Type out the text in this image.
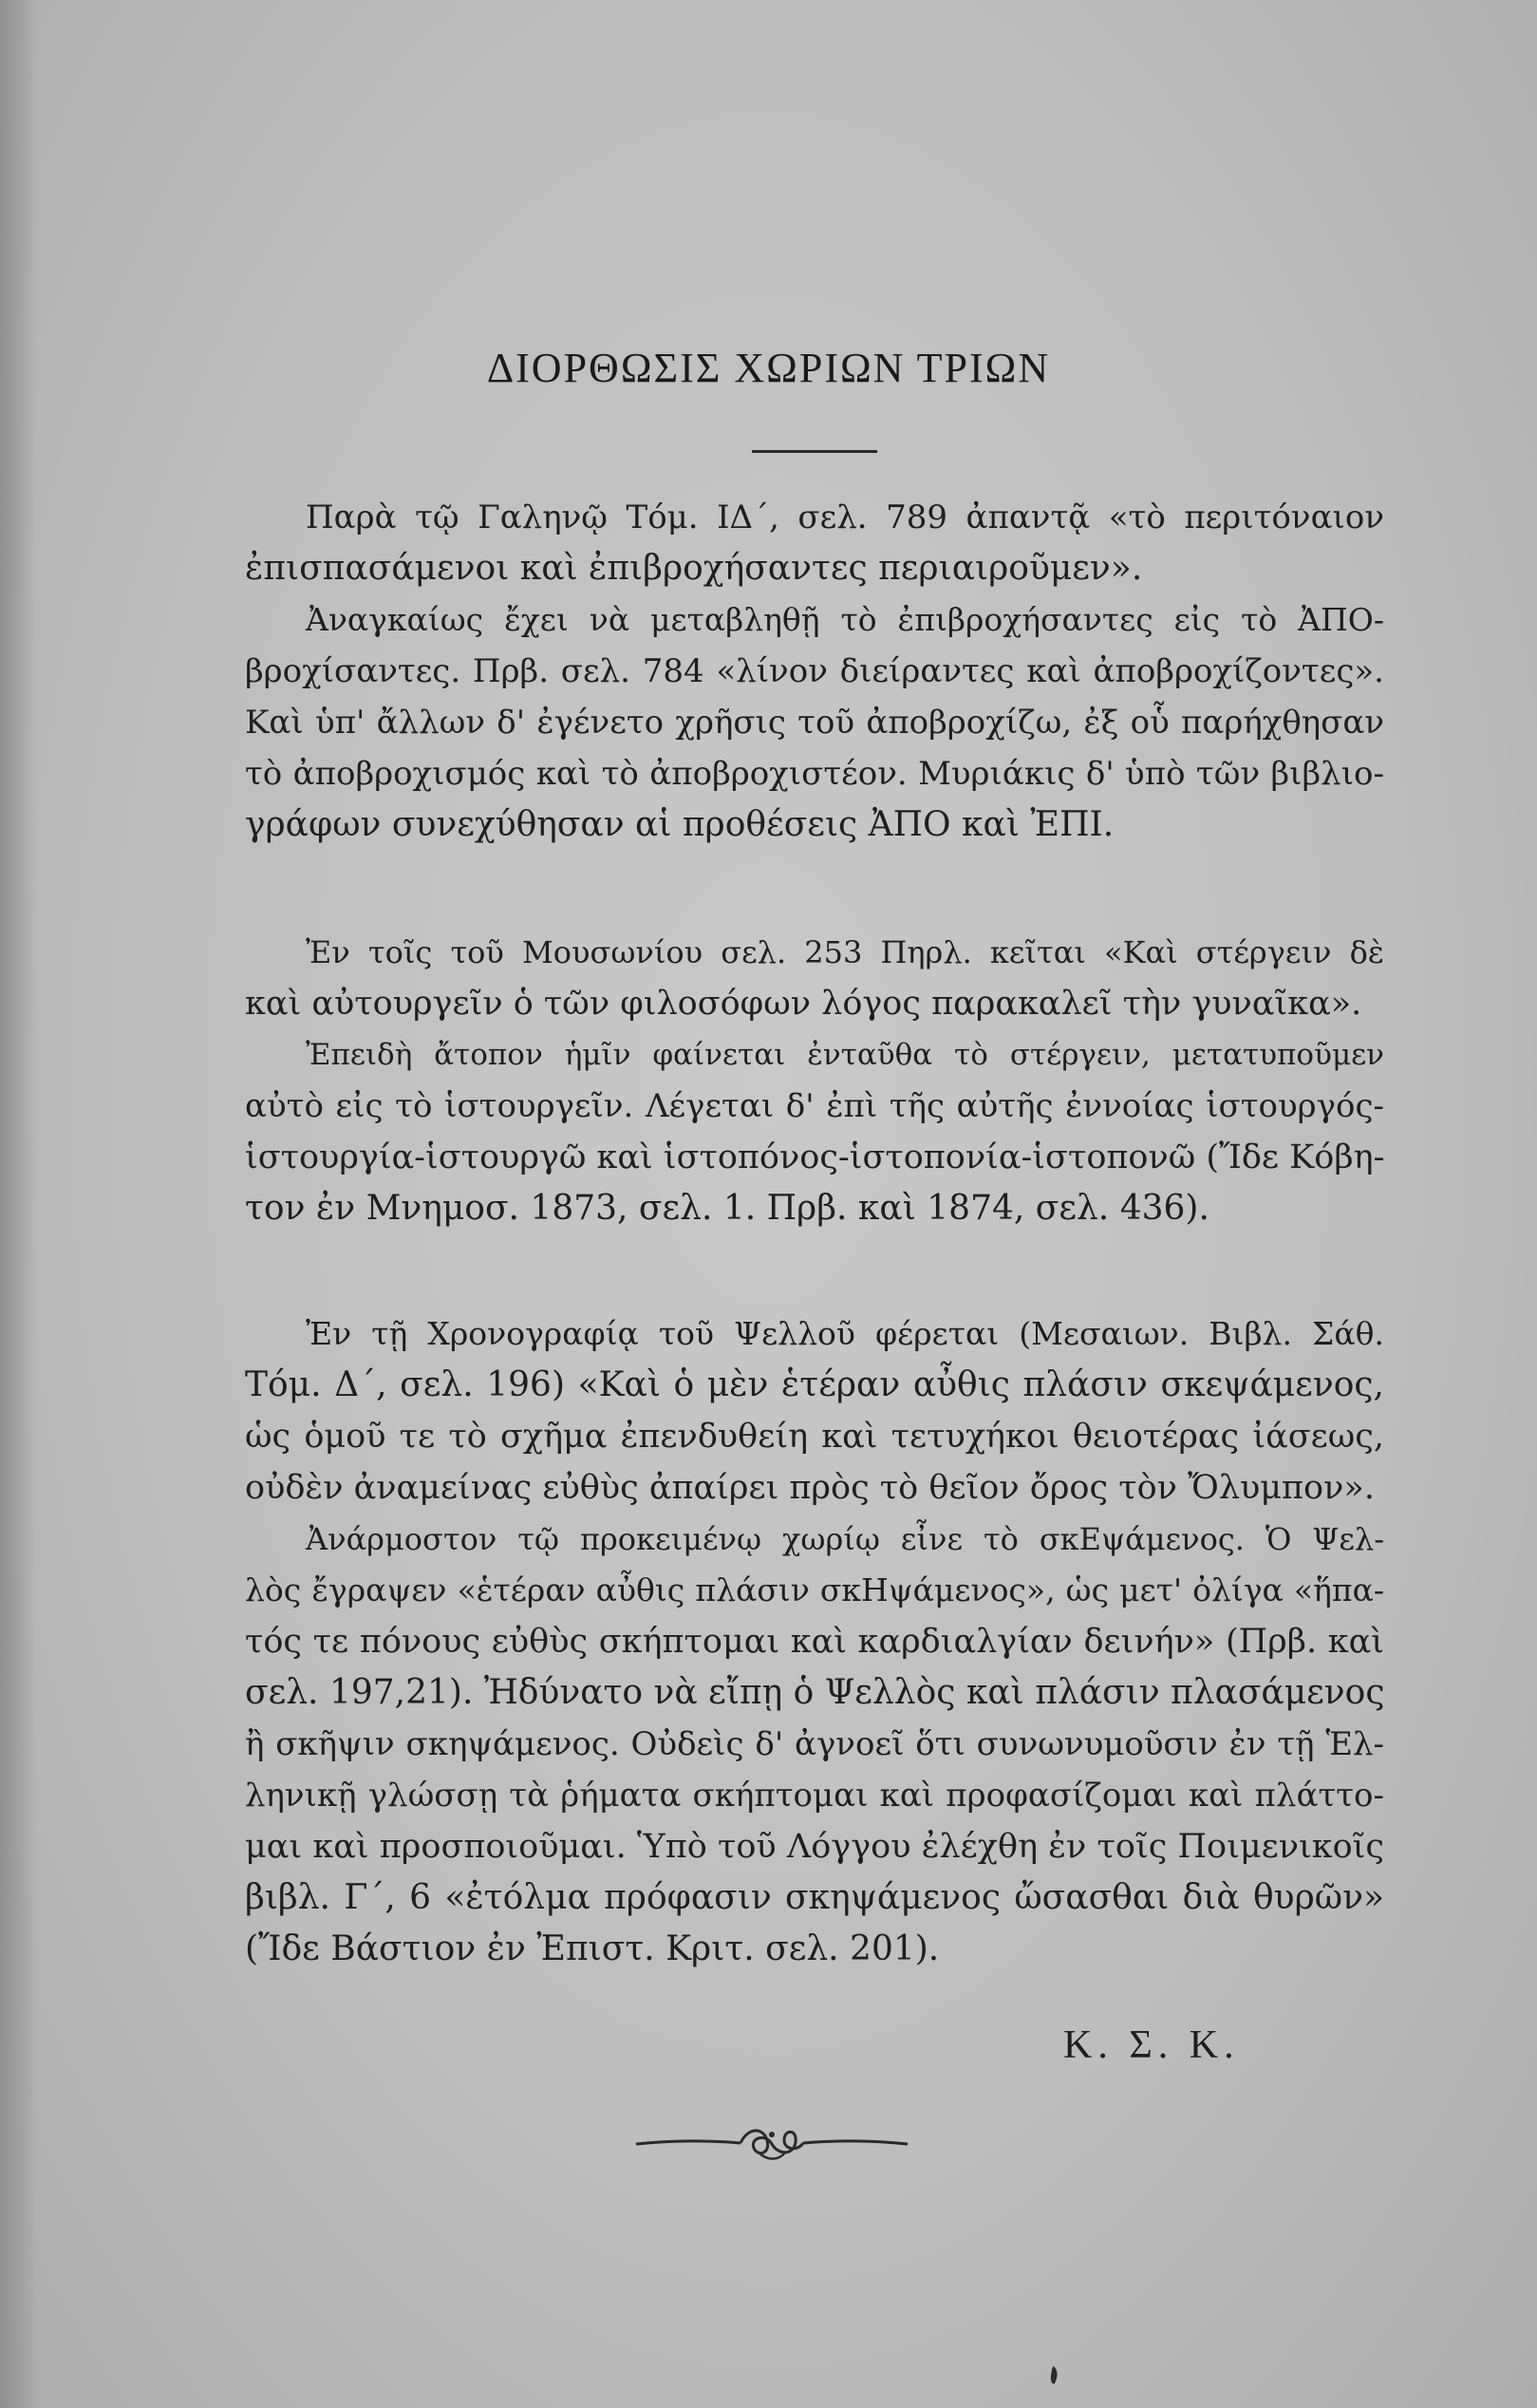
ΔΙΟΡΘΩΣΙΣ ΧΩΡΙΩΝ ΤΡΙΩΝ
Παρὰ τῷ Γαληνῷ Τόμ. ΙΔ΄, σελ. 789 ἀπαντᾷ «τὸ περιτόναιον
ἐπισπασάμενοι καὶ ἐπιβροχήσαντες περιαιροῦμεν».
Ἀναγκαίως ἔχει νὰ μεταβληθῇ τὸ ἐπιβροχήσαντες εἰς τὸ ἈΠΟ-
βροχίσαντες. Πρβ. σελ. 784 «λίνον διείραντες καὶ ἀποβροχίζοντες».
Καὶ ὑπ' ἄλλων δ' ἐγένετο χρῆσις τοῦ ἀποβροχίζω, ἐξ οὗ παρήχθησαν
τὸ ἀποβροχισμός καὶ τὸ ἀποβροχιστέον. Μυριάκις δ' ὑπὸ τῶν βιβλιο-
γράφων συνεχύθησαν αἱ προθέσεις ἈΠΟ καὶ ἘΠΙ.
Ἐν τοῖς τοῦ Μουσωνίου σελ. 253 Πηρλ. κεῖται «Καὶ στέργειν δὲ
καὶ αὐτουργεῖν ὁ τῶν φιλοσόφων λόγος παρακαλεῖ τὴν γυναῖκα».
Ἐπειδὴ ἄτοπον ἡμῖν φαίνεται ἐνταῦθα τὸ στέργειν, μετατυποῦμεν
αὐτὸ εἰς τὸ ἱστουργεῖν. Λέγεται δ' ἐπὶ τῆς αὐτῆς ἐννοίας ἱστουργός-
ἱστουργία-ἱστουργῶ καὶ ἱστοπόνος-ἱστοπονία-ἱστοπονῶ (Ἴδε Κόβη-
τον ἐν Μνημοσ. 1873, σελ. 1. Πρβ. καὶ 1874, σελ. 436).
Ἐν τῇ Χρονογραφίᾳ τοῦ Ψελλοῦ φέρεται (Μεσαιων. Βιβλ. Σάθ.
Τόμ. Δ΄, σελ. 196) «Καὶ ὁ μὲν ἑτέραν αὖθις πλάσιν σκεψάμενος,
ὡς ὁμοῦ τε τὸ σχῆμα ἐπενδυθείη καὶ τετυχήκοι θειοτέρας ἰάσεως,
οὐδὲν ἀναμείνας εὐθὺς ἀπαίρει πρὸς τὸ θεῖον ὄρος τὸν Ὄλυμπον».
Ἀνάρμοστον τῷ προκειμένῳ χωρίῳ εἶνε τὸ σκΕψάμενος. Ὁ Ψελ-
λὸς ἔγραψεν «ἑτέραν αὖθις πλάσιν σκΗψάμενος», ὡς μετ' ὀλίγα «ἥπα-
τός τε πόνους εὐθὺς σκήπτομαι καὶ καρδιαλγίαν δεινήν» (Πρβ. καὶ
σελ. 197,21). Ἠδύνατο νὰ εἴπῃ ὁ Ψελλὸς καὶ πλάσιν πλασάμενος
ἢ σκῆψιν σκηψάμενος. Οὐδεὶς δ' ἀγνοεῖ ὅτι συνωνυμοῦσιν ἐν τῇ Ἑλ-
ληνικῇ γλώσσῃ τὰ ῥήματα σκήπτομαι καὶ προφασίζομαι καὶ πλάττο-
μαι καὶ προσποιοῦμαι. Ὑπὸ τοῦ Λόγγου ἐλέχθη ἐν τοῖς Ποιμενικοῖς
βιβλ. Γ΄, 6 «ἐτόλμα πρόφασιν σκηψάμενος ὤσασθαι διὰ θυρῶν»
(Ἴδε Βάστιον ἐν Ἐπιστ. Κριτ. σελ. 201).
Κ. Σ. Κ.
